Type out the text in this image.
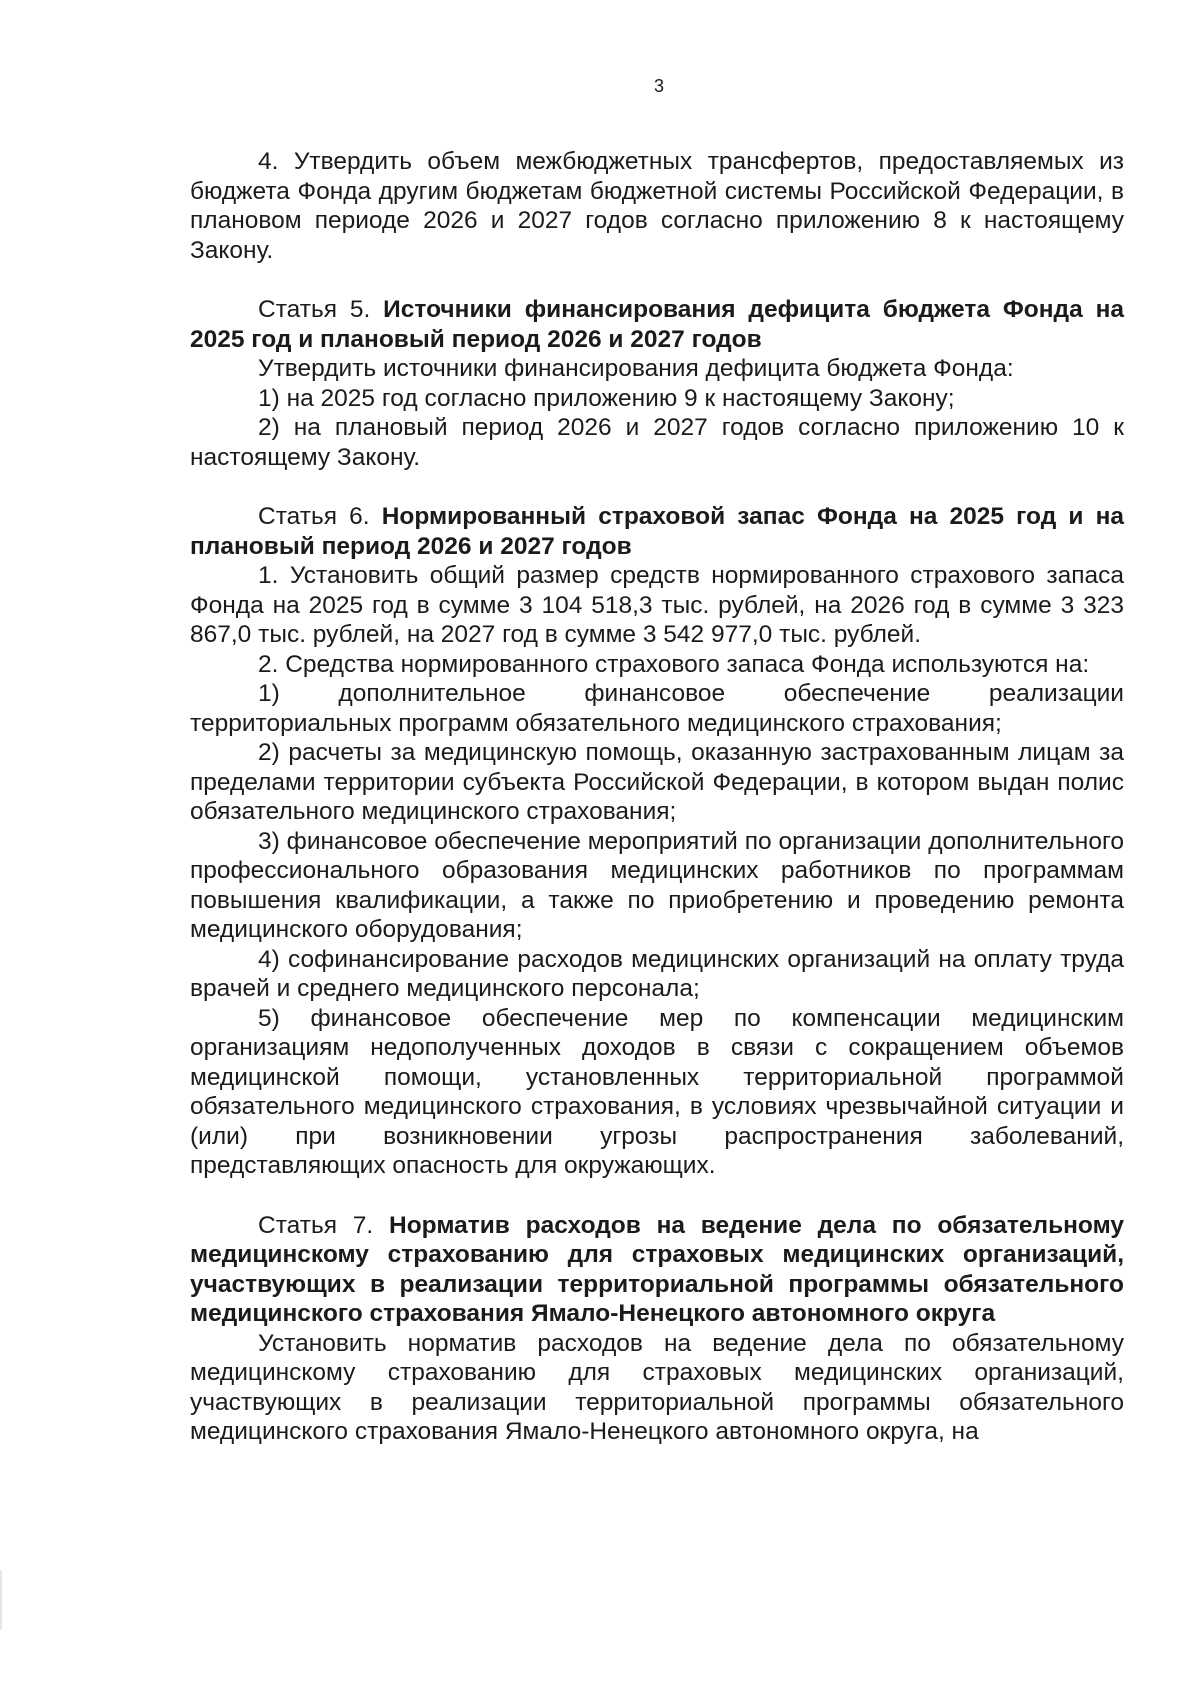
3

4. Утвердить объем межбюджетных трансфертов, предоставляемых из бюджета Фонда другим бюджетам бюджетной системы Российской Федерации, в плановом периоде 2026 и 2027 годов согласно приложению 8 к настоящему Закону.

Статья 5. Источники финансирования дефицита бюджета Фонда на 2025 год и плановый период 2026 и 2027 годов

Утвердить источники финансирования дефицита бюджета Фонда:

1) на 2025 год согласно приложению 9 к настоящему Закону;

2) на плановый период 2026 и 2027 годов согласно приложению 10 к настоящему Закону.

Статья 6. Нормированный страховой запас Фонда на 2025 год и на плановый период 2026 и 2027 годов

1. Установить общий размер средств нормированного страхового запаса Фонда на 2025 год в сумме 3 104 518,3 тыс. рублей, на 2026 год в сумме 3 323 867,0 тыс. рублей, на 2027 год в сумме 3 542 977,0 тыс. рублей.

2. Средства нормированного страхового запаса Фонда используются на:

1) дополнительное финансовое обеспечение реализации территориальных программ обязательного медицинского страхования;

2) расчеты за медицинскую помощь, оказанную застрахованным лицам за пределами территории субъекта Российской Федерации, в котором выдан полис обязательного медицинского страхования;

3) финансовое обеспечение мероприятий по организации дополнительного профессионального образования медицинских работников по программам повышения квалификации, а также по приобретению и проведению ремонта медицинского оборудования;

4) софинансирование расходов медицинских организаций на оплату труда врачей и среднего медицинского персонала;

5) финансовое обеспечение мер по компенсации медицинским организациям недополученных доходов в связи с сокращением объемов медицинской помощи, установленных территориальной программой обязательного медицинского страхования, в условиях чрезвычайной ситуации и (или) при возникновении угрозы распространения заболеваний, представляющих опасность для окружающих.

Статья 7. Норматив расходов на ведение дела по обязательному медицинскому страхованию для страховых медицинских организаций, участвующих в реализации территориальной программы обязательного медицинского страхования Ямало-Ненецкого автономного округа

Установить норматив расходов на ведение дела по обязательному медицинскому страхованию для страховых медицинских организаций, участвующих в реализации территориальной программы обязательного медицинского страхования Ямало-Ненецкого автономного округа, на
